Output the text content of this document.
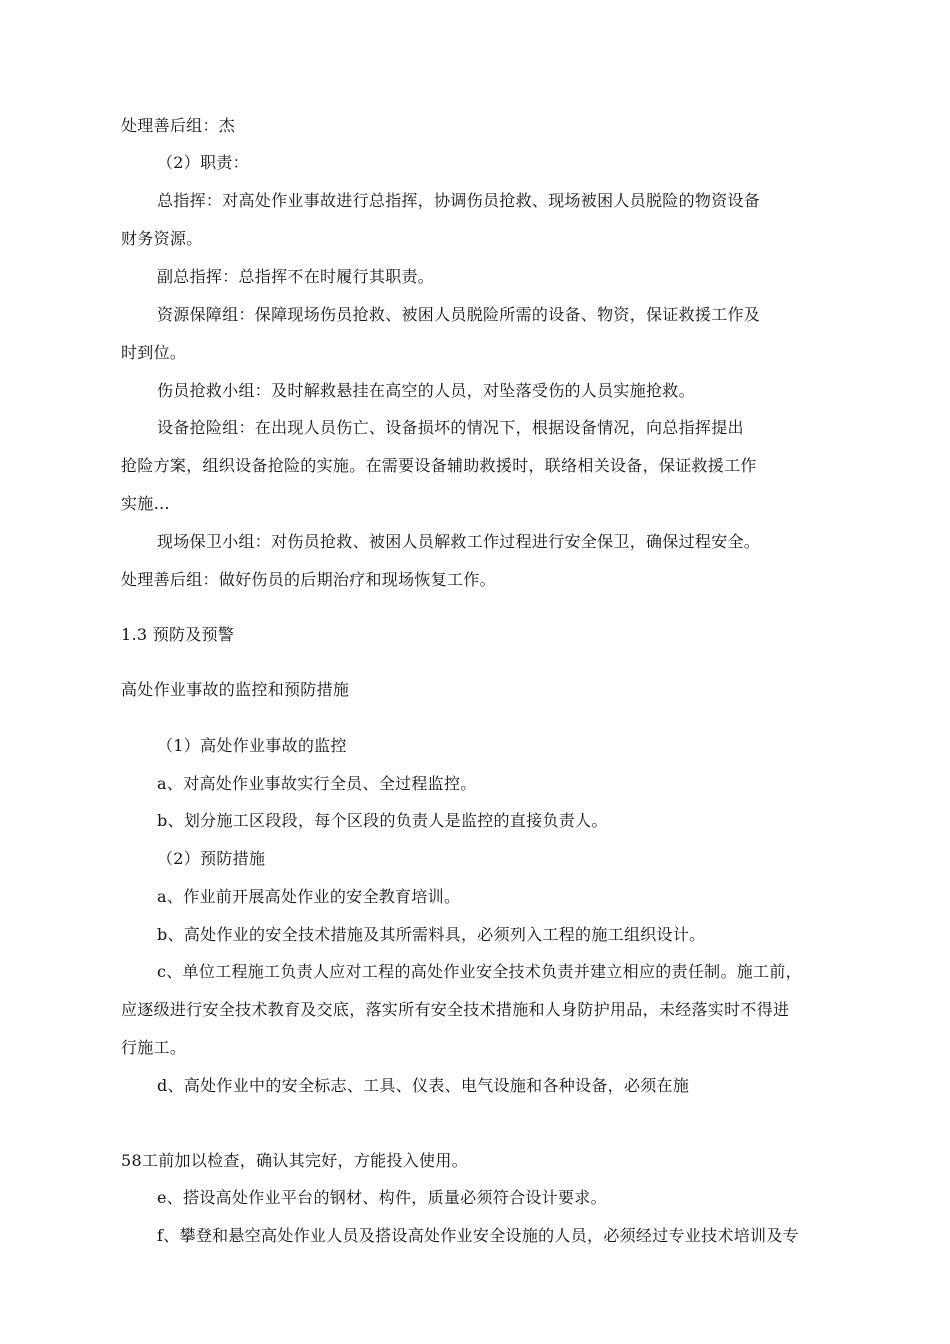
处理善后组：杰
（2）职责：
总指挥：对高处作业事故进行总指挥，协调伤员抢救、现场被困人员脱险的物资设备
财务资源。
副总指挥：总指挥不在时履行其职责。
资源保障组：保障现场伤员抢救、被困人员脱险所需的设备、物资，保证救援工作及
时到位。
伤员抢救小组：及时解救悬挂在高空的人员，对坠落受伤的人员实施抢救。
设备抢险组：在出现人员伤亡、设备损坏的情况下，根据设备情况，向总指挥提出
抢险方案，组织设备抢险的实施。在需要设备辅助救援时，联络相关设备，保证救援工作
实施…
现场保卫小组：对伤员抢救、被困人员解救工作过程进行安全保卫，确保过程安全。
处理善后组：做好伤员的后期治疗和现场恢复工作。
1.3 预防及预警
高处作业事故的监控和预防措施
（1）高处作业事故的监控
a、对高处作业事故实行全员、全过程监控。
b、划分施工区段段，每个区段的负责人是监控的直接负责人。
（2）预防措施
a、作业前开展高处作业的安全教育培训。
b、高处作业的安全技术措施及其所需料具，必须列入工程的施工组织设计。
c、单位工程施工负责人应对工程的高处作业安全技术负责并建立相应的责任制。施工前，
应逐级进行安全技术教育及交底，落实所有安全技术措施和人身防护用品，未经落实时不得进
行施工。
d、高处作业中的安全标志、工具、仪表、电气设施和各种设备，必须在施
58工前加以检查，确认其完好，方能投入使用。
e、搭设高处作业平台的钢材、构件，质量必须符合设计要求。
f、攀登和悬空高处作业人员及搭设高处作业安全设施的人员，必须经过专业技术培训及专
